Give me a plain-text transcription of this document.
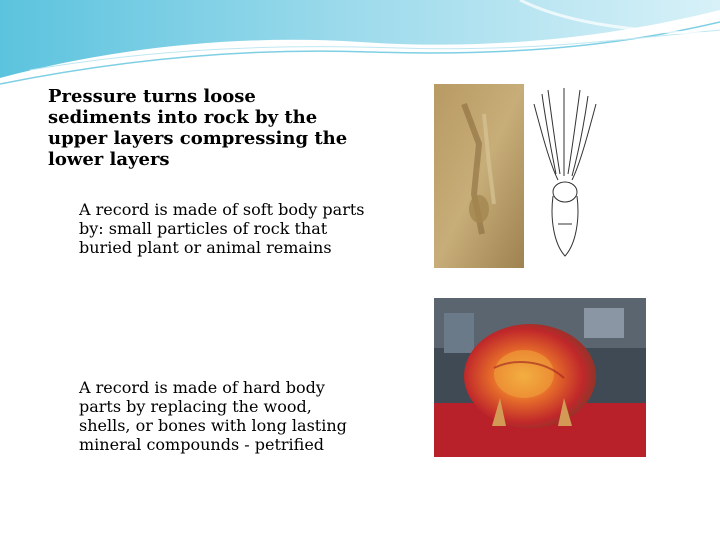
Pressure turns loose sediments into rock by the upper layers compressing the lower layers
A record is made of soft body parts by: small particles of rock that buried plant or animal remains
A record is made of hard body parts by replacing the wood, shells, or bones with long lasting mineral compounds - petrified
